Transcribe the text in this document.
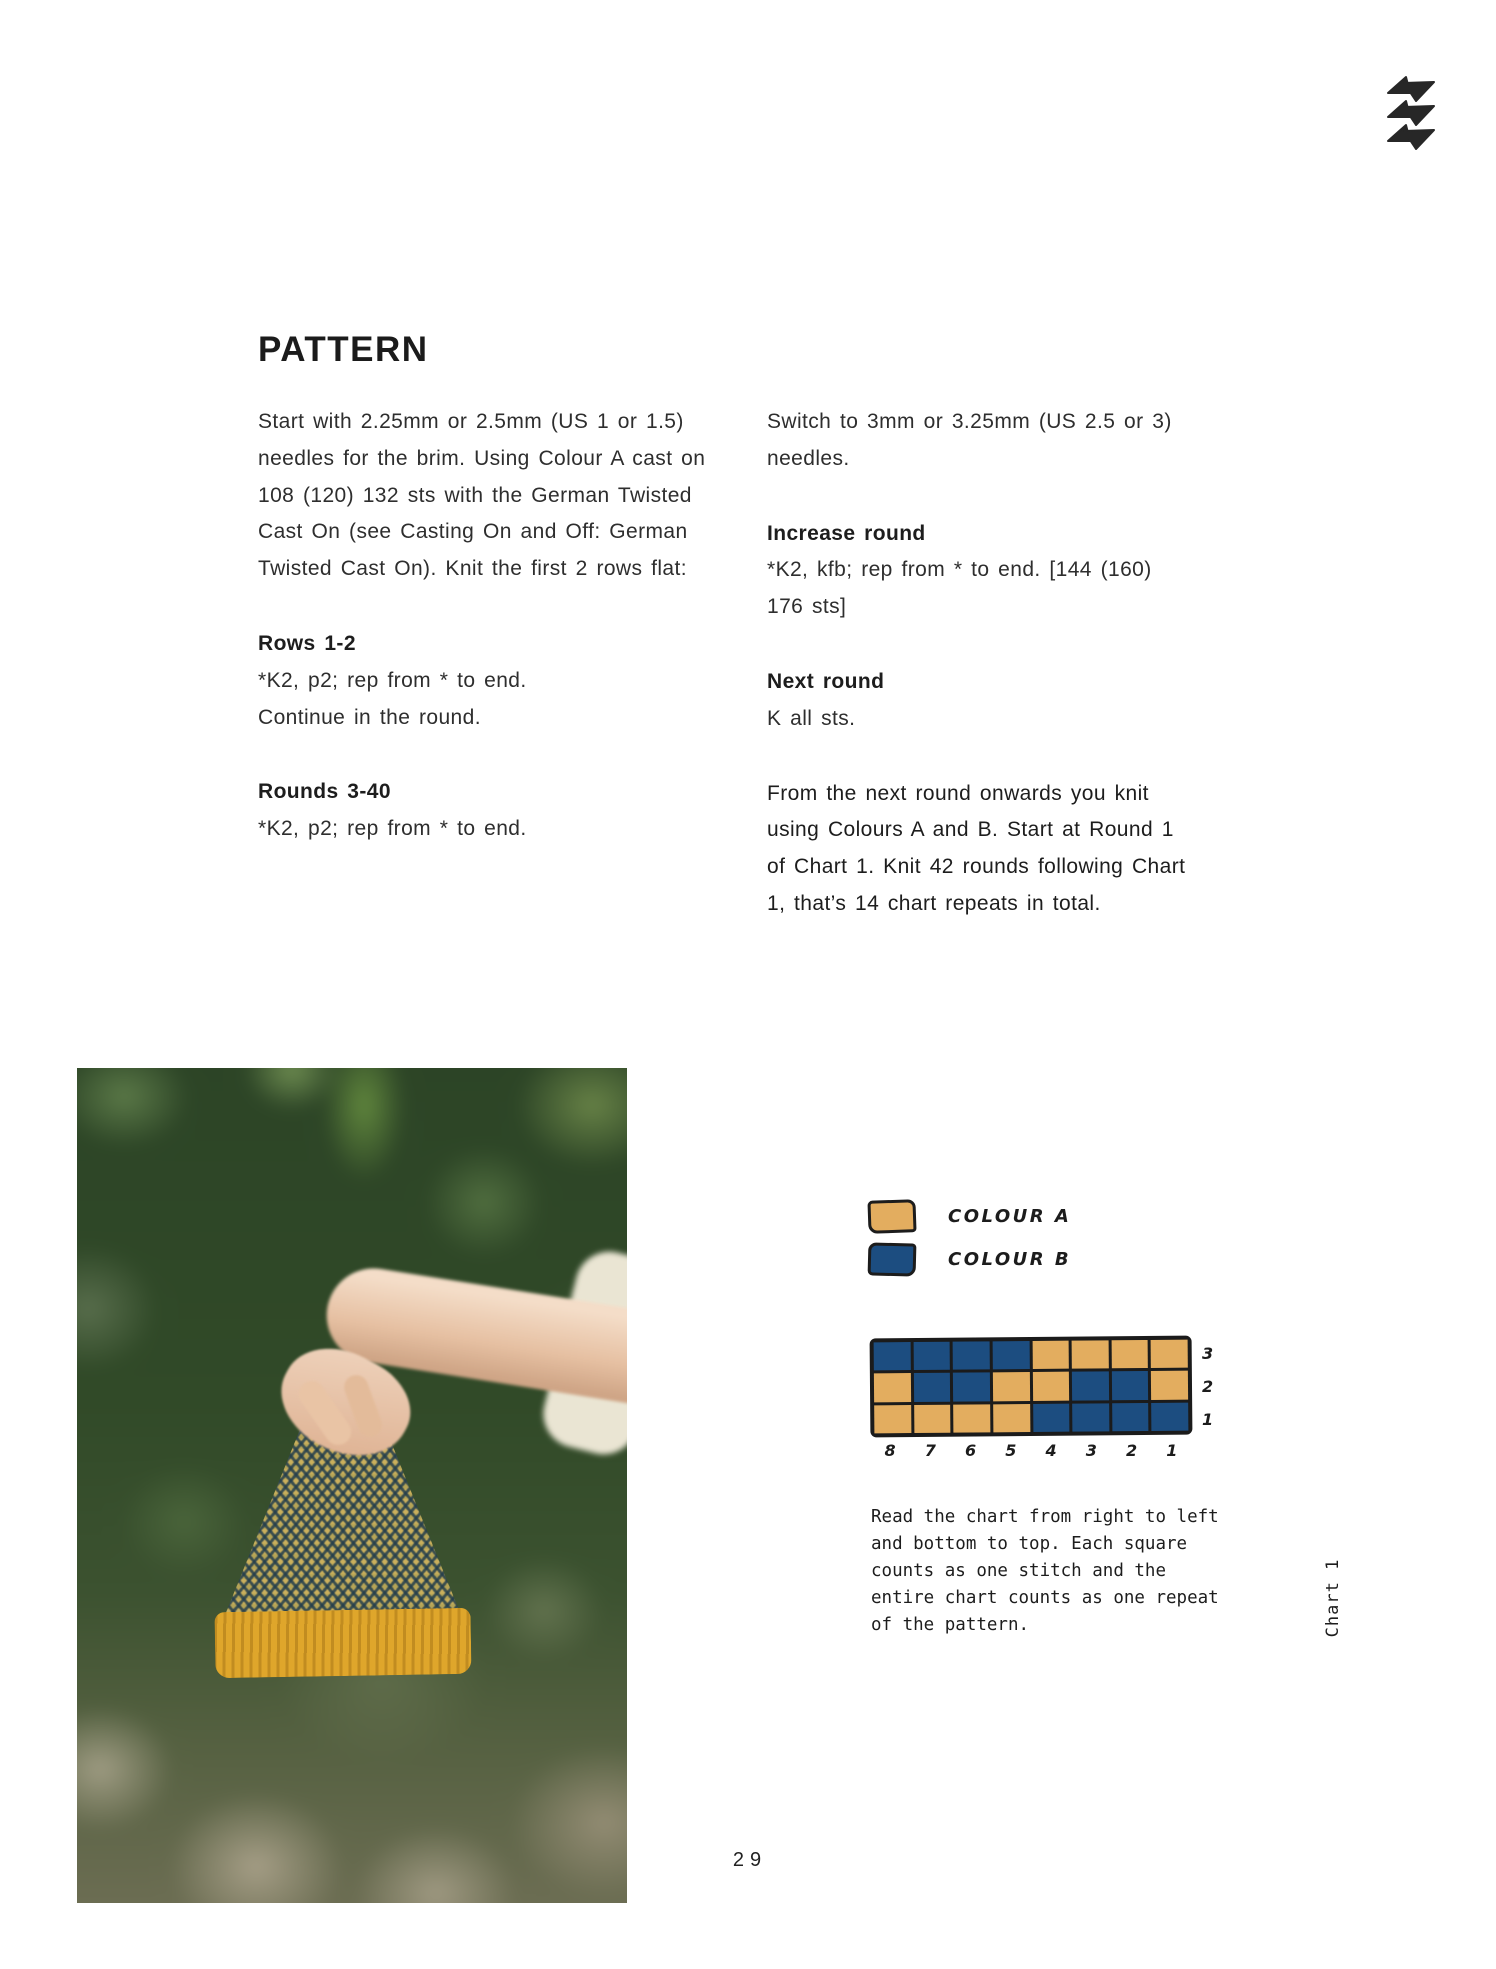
PATTERN

Start with 2.25mm or 2.5mm (US 1 or 1.5) needles for the brim. Using Colour A cast on 108 (120) 132 sts with the German Twisted Cast On (see Casting On and Off: German Twisted Cast On). Knit the first 2 rows flat:

Rows 1-2

*K2, p2; rep from * to end.

Continue in the round.

Rounds 3-40

*K2, p2; rep from * to end.

Switch to 3mm or 3.25mm (US 2.5 or 3) needles.

Increase round

*K2, kfb; rep from * to end. [144 (160) 176 sts]

Next round

K all sts.

From the next round onwards you knit using Colours A and B. Start at Round 1 of Chart 1. Knit 42 rounds following Chart 1, that’s 14 chart repeats in total.

COLOUR A
COLOUR B
3
2
1
8	7	6	5	4	3	2	1
Read the chart from right to left
and bottom to top. Each square
counts as one stitch and the
entire chart counts as one repeat
of the pattern.	Chart 1
29
